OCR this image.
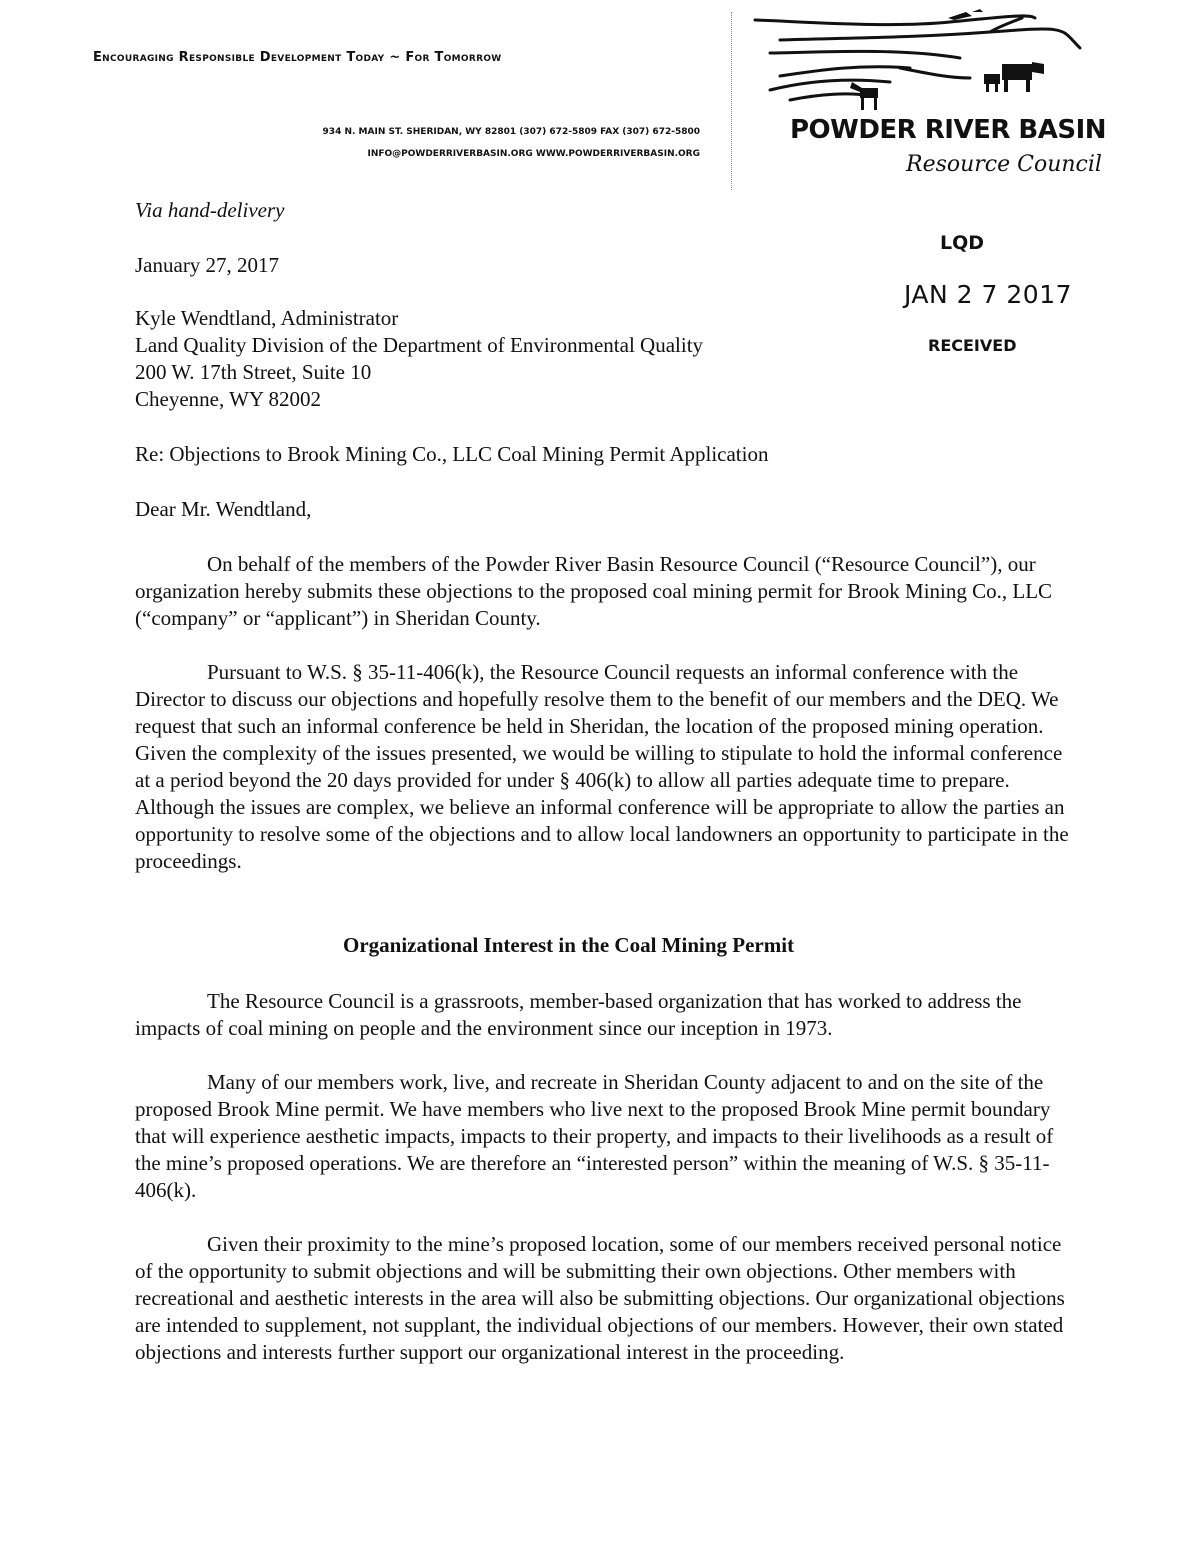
Encouraging Responsible Development Today ~ For Tomorrow
934 N. MAIN ST. SHERIDAN, WY 82801 (307) 672-5809 FAX (307) 672-5800
INFO@POWDERRIVERBASIN.ORG WWW.POWDERRIVERBASIN.ORG
POWDER RIVER BASIN
Resource Council
LQD
JAN 2 7 2017
RECEIVED
Via hand-delivery
January 27, 2017
Kyle Wendtland, Administrator
Land Quality Division of the Department of Environmental Quality
200 W. 17th Street, Suite 10
Cheyenne, WY 82002
Re: Objections to Brook Mining Co., LLC Coal Mining Permit Application
Dear Mr. Wendtland,

On behalf of the members of the Powder River Basin Resource Council (“Resource Council”), our organization hereby submits these objections to the proposed coal mining permit for Brook Mining Co., LLC (“company” or “applicant”) in Sheridan County.

Pursuant to W.S. § 35-11-406(k), the Resource Council requests an informal conference with the Director to discuss our objections and hopefully resolve them to the benefit of our members and the DEQ. We request that such an informal conference be held in Sheridan, the location of the proposed mining operation. Given the complexity of the issues presented, we would be willing to stipulate to hold the informal conference at a period beyond the 20 days provided for under § 406(k) to allow all parties adequate time to prepare. Although the issues are complex, we believe an informal conference will be appropriate to allow the parties an opportunity to resolve some of the objections and to allow local landowners an opportunity to participate in the proceedings.

Organizational Interest in the Coal Mining Permit

The Resource Council is a grassroots, member-based organization that has worked to address the impacts of coal mining on people and the environment since our inception in 1973.

Many of our members work, live, and recreate in Sheridan County adjacent to and on the site of the proposed Brook Mine permit. We have members who live next to the proposed Brook Mine permit boundary that will experience aesthetic impacts, impacts to their property, and impacts to their livelihoods as a result of the mine’s proposed operations. We are therefore an “interested person” within the meaning of W.S. § 35-11-406(k).

Given their proximity to the mine’s proposed location, some of our members received personal notice of the opportunity to submit objections and will be submitting their own objections. Other members with recreational and aesthetic interests in the area will also be submitting objections. Our organizational objections are intended to supplement, not supplant, the individual objections of our members. However, their own stated objections and interests further support our organizational interest in the proceeding.
